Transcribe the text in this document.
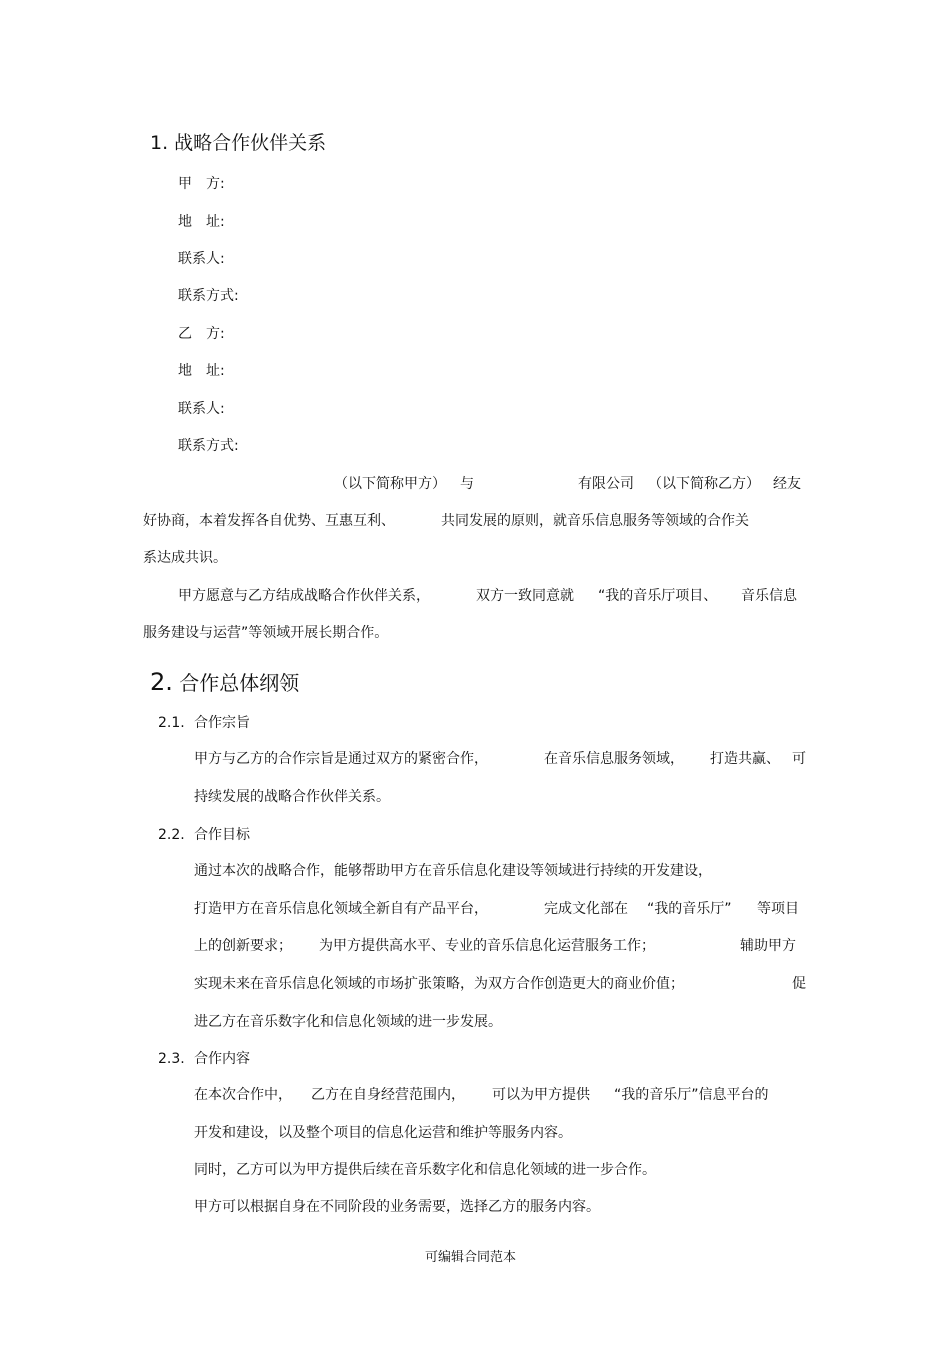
1. 战略合作伙伴关系
甲　方:
地　址:
联系人:
联系方式:
乙　方:
地　址:
联系人:
联系方式:
（以下简称甲方） 与	有限公司 （以下简称乙方） 经友
好协商，本着发挥各自优势、互惠互利、	共同发展的原则，就音乐信息服务等领域的合作关
系达成共识。
甲方愿意与乙方结成战略合作伙伴关系，	双方一致同意就 “我的音乐厅项目、 音乐信息
服务建设与运营”等领域开展长期合作。
2. 合作总体纲领
2.1. 合作宗旨
甲方与乙方的合作宗旨是通过双方的紧密合作，	在音乐信息服务领域， 打造共赢、 可
持续发展的战略合作伙伴关系。
2.2. 合作目标
通过本次的战略合作，能够帮助甲方在音乐信息化建设等领域进行持续的开发建设，
打造甲方在音乐信息化领域全新自有产品平台，	完成文化部在 “我的音乐厅” 等项目
上的创新要求； 为甲方提供高水平、专业的音乐信息化运营服务工作；	辅助甲方
实现未来在音乐信息化领域的市场扩张策略，为双方合作创造更大的商业价值；	促
进乙方在音乐数字化和信息化领域的进一步发展。
2.3. 合作内容
在本次合作中， 乙方在自身经营范围内， 可以为甲方提供 “我的音乐厅”信息平台的
开发和建设，以及整个项目的信息化运营和维护等服务内容。
同时，乙方可以为甲方提供后续在音乐数字化和信息化领域的进一步合作。
甲方可以根据自身在不同阶段的业务需要，选择乙方的服务内容。
可编辑合同范本
